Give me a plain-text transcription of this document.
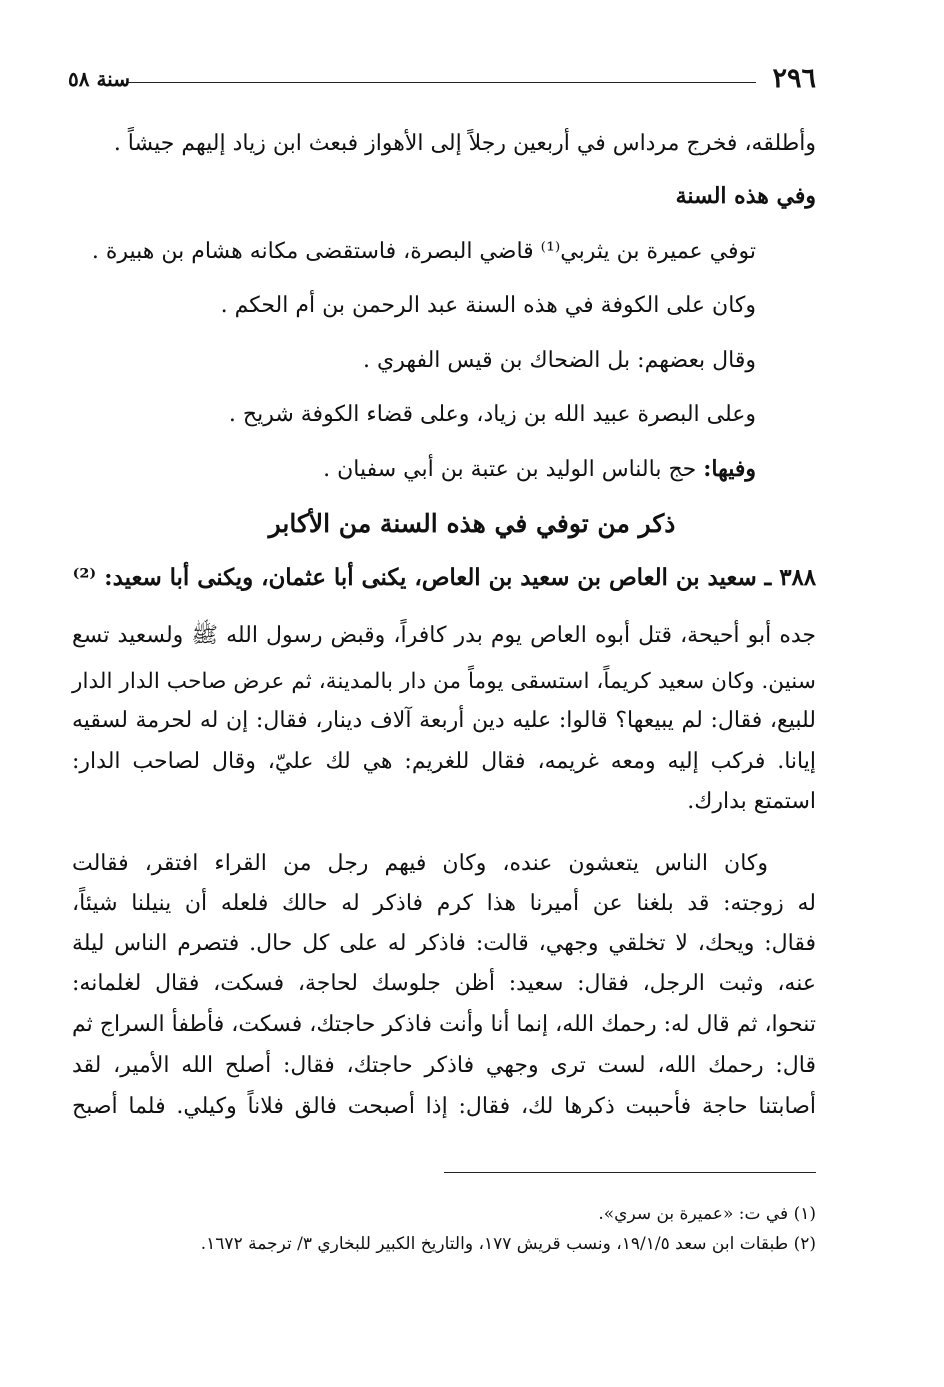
٢٩٦
سنة ٥٨
وأطلقه، فخرج مرداس في أربعين رجلاً إلى الأهواز فبعث ابن زياد إليهم جيشاً .
وفي هذه السنة
توفي عميرة بن يثربي⁽¹⁾ قاضي البصرة، فاستقضى مكانه هشام بن هبيرة .
وكان على الكوفة في هذه السنة عبد الرحمن بن أم الحكم .
وقال بعضهم: بل الضحاك بن قيس الفهري .
وعلى البصرة عبيد الله بن زياد، وعلى قضاء الكوفة شريح .
وفيها: حج بالناس الوليد بن عتبة بن أبي سفيان .
ذكر من توفي في هذه السنة من الأكابر
٣٨٨ ـ سعيد بن العاص بن سعيد بن العاص، يكنى أبا عثمان، ويكنى أبا سعيد: ⁽²⁾
جده أبو أحيحة، قتل أبوه العاص يوم بدر كافراً، وقبض رسول الله ﷺ ولسعيد تسع
سنين. وكان سعيد كريماً، استسقى يوماً من دار بالمدينة، ثم عرض صاحب الدار الدار
للبيع، فقال: لم يبيعها؟ قالوا: عليه دين أربعة آلاف دينار، فقال: إن له لحرمة لسقيه
إيانا. فركب إليه ومعه غريمه، فقال للغريم: هي لك عليّ، وقال لصاحب الدار:
استمتع بدارك.
وكان الناس يتعشون عنده، وكان فيهم رجل من القراء افتقر، فقالت
له زوجته: قد بلغنا عن أميرنا هذا كرم فاذكر له حالك فلعله أن ينيلنا شيئاً،
فقال: ويحك، لا تخلقي وجهي، قالت: فاذكر له على كل حال. فتصرم الناس ليلة
عنه، وثبت الرجل، فقال: سعيد: أظن جلوسك لحاجة، فسكت، فقال لغلمانه:
تنحوا، ثم قال له: رحمك الله، إنما أنا وأنت فاذكر حاجتك، فسكت، فأطفأ السراج ثم
قال: رحمك الله، لست ترى وجهي فاذكر حاجتك، فقال: أصلح الله الأمير، لقد
أصابتنا حاجة فأحببت ذكرها لك، فقال: إذا أصبحت فالق فلاناً وكيلي. فلما أصبح
(١) في ت: «عميرة بن سري».
(٢) طبقات ابن سعد ١٩/١/٥، ونسب قريش ١٧٧، والتاريخ الكبير للبخاري ٣/ ترجمة ١٦٧٢.
